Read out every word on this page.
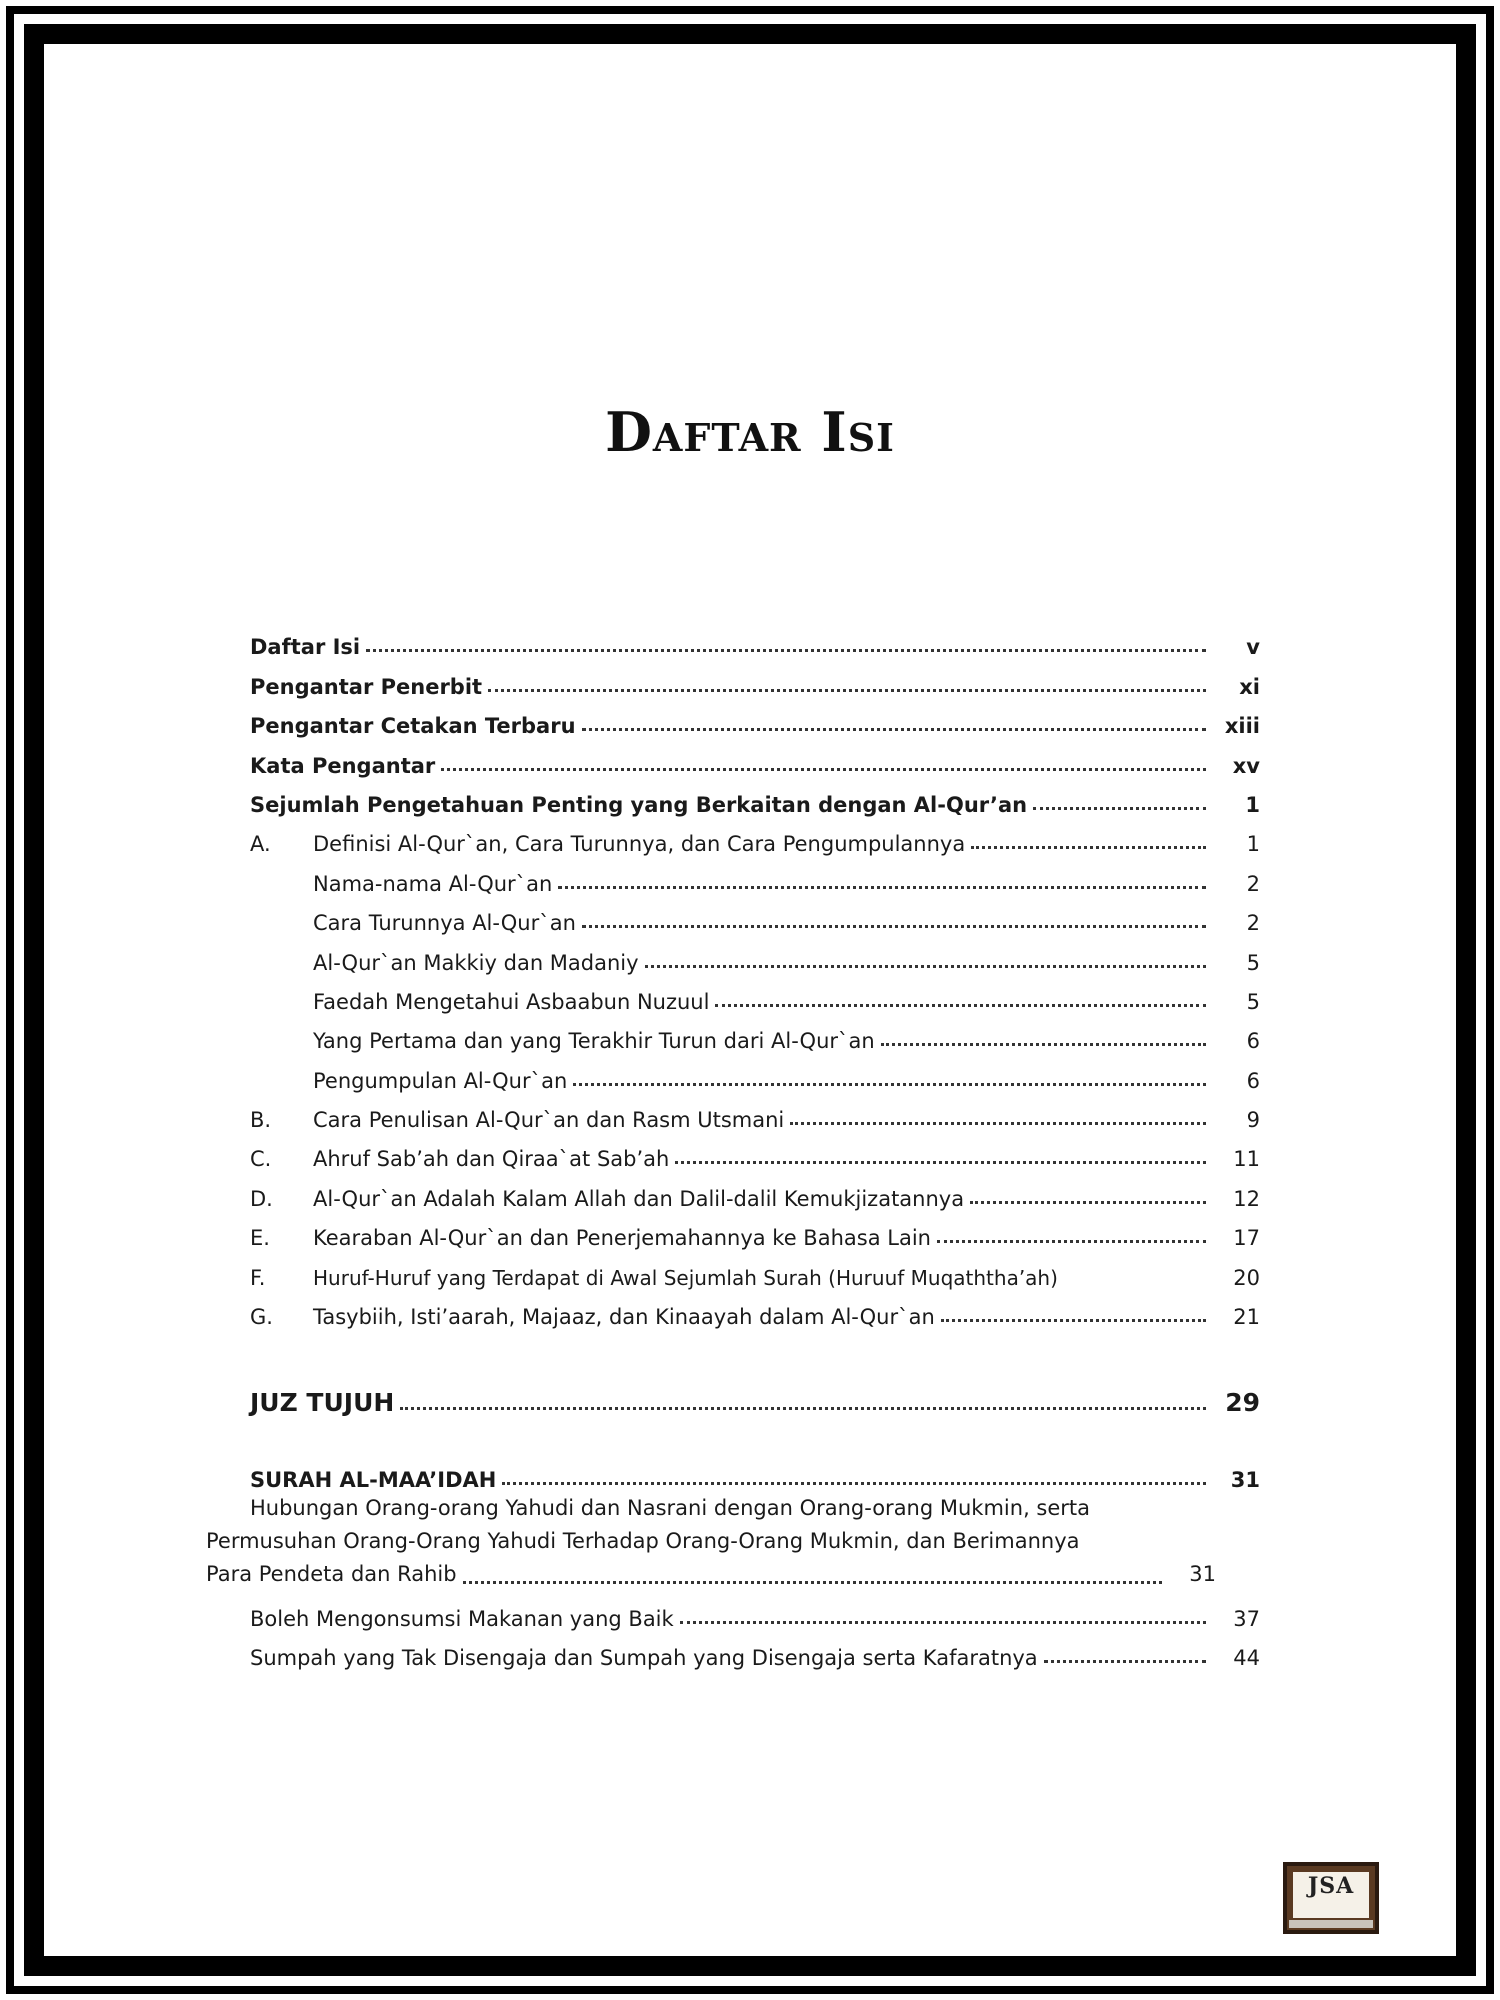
Daftar Isi
Daftar Isi	v
Pengantar Penerbit	xi
Pengantar Cetakan Terbaru	xiii
Kata Pengantar	xv
Sejumlah Pengetahuan Penting yang Berkaitan dengan Al-Qur’an	1
A.	Definisi Al-Qur`an, Cara Turunnya, dan Cara Pengumpulannya	1
Nama-nama Al-Qur`an	2
Cara Turunnya Al-Qur`an	2
Al-Qur`an Makkiy dan Madaniy	5
Faedah Mengetahui Asbaabun Nuzuul	5
Yang Pertama dan yang Terakhir Turun dari Al-Qur`an	6
Pengumpulan Al-Qur`an	6
B.	Cara Penulisan Al-Qur`an dan Rasm Utsmani	9
C.	Ahruf Sab’ah dan Qiraa`at Sab’ah	11
D.	Al-Qur`an Adalah Kalam Allah dan Dalil-dalil Kemukjizatannya	12
E.	Kearaban Al-Qur`an dan Penerjemahannya ke Bahasa Lain	17
F.	Huruf-Huruf yang Terdapat di Awal Sejumlah Surah (Huruuf Muqaththa’ah)	20
G.	Tasybiih, Isti’aarah, Majaaz, dan Kinaayah dalam Al-Qur`an	21
JUZ TUJUH	29
SURAH AL-MAA’IDAH	31
Hubungan Orang-orang Yahudi dan Nasrani dengan Orang-orang Mukmin, serta
Permusuhan Orang-Orang Yahudi Terhadap Orang-Orang Mukmin, dan Berimannya
Para Pendeta dan Rahib	31
Boleh Mengonsumsi Makanan yang Baik	37
Sumpah yang Tak Disengaja dan Sumpah yang Disengaja serta Kafaratnya	44
JSA
